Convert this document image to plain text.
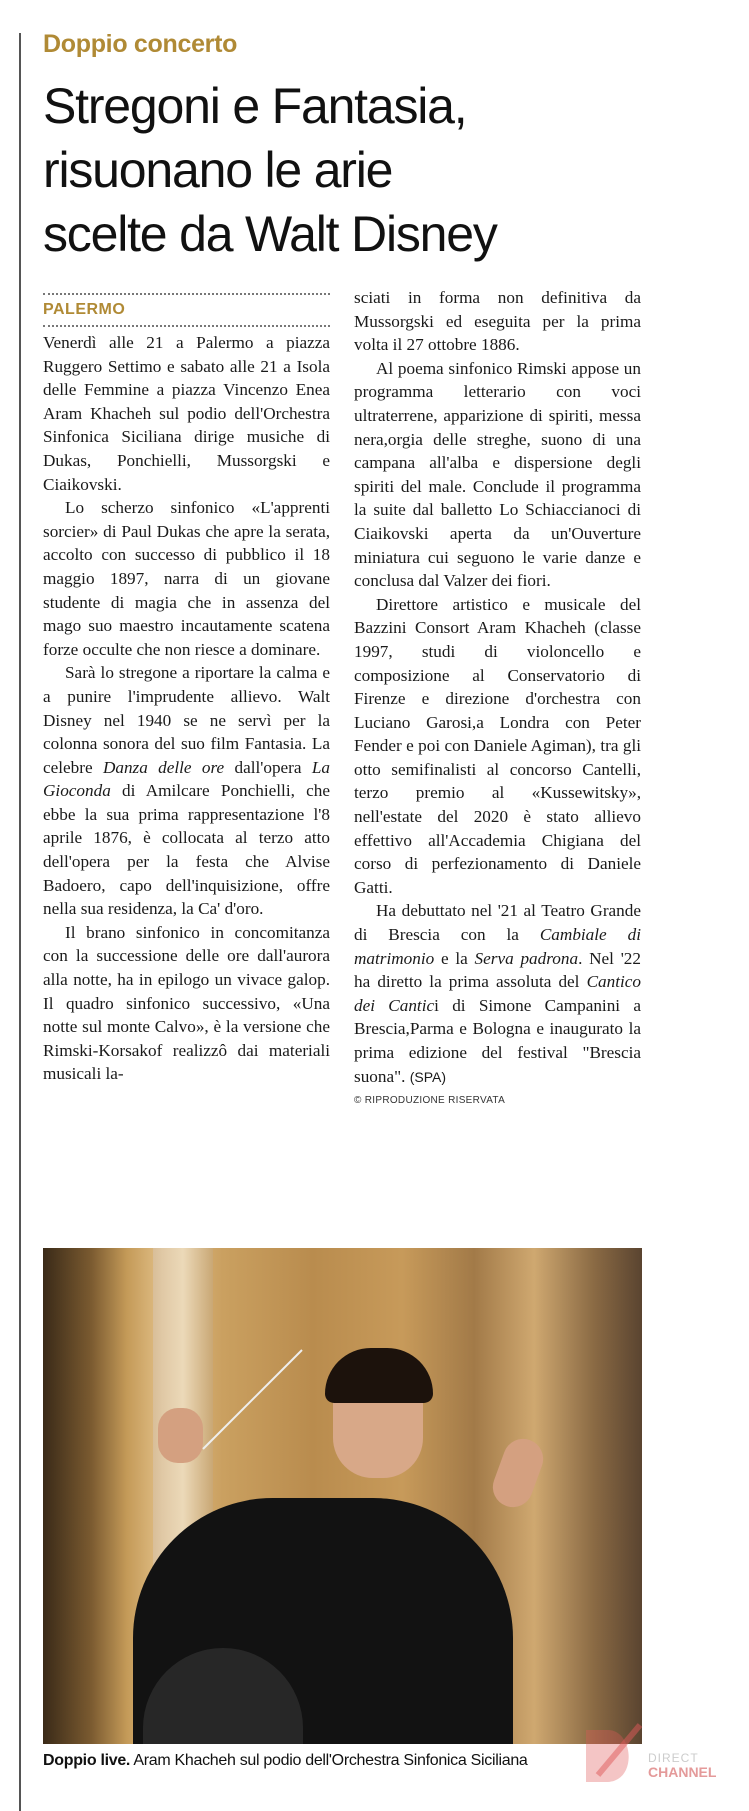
Doppio concerto
Stregoni e Fantasia,
risuonano le arie
scelte da Walt Disney
PALERMO

Venerdì alle 21 a Palermo a piazza Ruggero Settimo e sabato alle 21 a Isola delle Femmine a piazza Vincenzo Enea Aram Khacheh sul podio dell'Orchestra Sinfonica Siciliana dirige musiche di Dukas, Ponchielli, Mussorgski e Ciaikovski.

Lo scherzo sinfonico «L'apprenti sorcier» di Paul Dukas che apre la serata, accolto con successo di pubblico il 18 maggio 1897, narra di un giovane studente di magia che in assenza del mago suo maestro incautamente scatena forze occulte che non riesce a dominare.

Sarà lo stregone a riportare la calma e a punire l'imprudente allievo. Walt Disney nel 1940 se ne servì per la colonna sonora del suo film Fantasia. La celebre Danza delle ore dall'opera La Gioconda di Amilcare Ponchielli, che ebbe la sua prima rappresentazione l'8 aprile 1876, è collocata al terzo atto dell'opera per la festa che Alvise Badoero, capo dell'inquisizione, offre nella sua residenza, la Ca' d'oro.

Il brano sinfonico in concomitanza con la successione delle ore dall'aurora alla notte, ha in epilogo un vivace galop. Il quadro sinfonico successivo, «Una notte sul monte Calvo», è la versione che Rimski-Korsakof realizzô dai materiali musicali la-

sciati in forma non definitiva da Mussorgski ed eseguita per la prima volta il 27 ottobre 1886.

Al poema sinfonico Rimski appose un programma letterario con voci ultraterrene, apparizione di spiriti, messa nera,orgia delle streghe, suono di una campana all'alba e dispersione degli spiriti del male. Conclude il programma la suite dal balletto Lo Schiaccianoci di Ciaikovski aperta da un'Ouverture miniatura cui seguono le varie danze e conclusa dal Valzer dei fiori.

Direttore artistico e musicale del Bazzini Consort Aram Khacheh (classe 1997, studi di violoncello e composizione al Conservatorio di Firenze e direzione d'orchestra con Luciano Garosi,a Londra con Peter Fender e poi con Daniele Agiman), tra gli otto semifinalisti al concorso Cantelli, terzo premio al «Kussewitsky», nell'estate del 2020 è stato allievo effettivo all'Accademia Chigiana del corso di perfezionamento di Daniele Gatti.

Ha debuttato nel '21 al Teatro Grande di Brescia con la Cambiale di matrimonio e la Serva padrona. Nel '22 ha diretto la prima assoluta del Cantico dei Cantici di Simone Campanini a Brescia,Parma e Bologna e inaugurato la prima edizione del festival "Brescia suona". (SPA)

© RIPRODUZIONE RISERVATA

Doppio live. Aram Khacheh sul podio dell'Orchestra Sinfonica Siciliana	DIRECT
CHANNEL
